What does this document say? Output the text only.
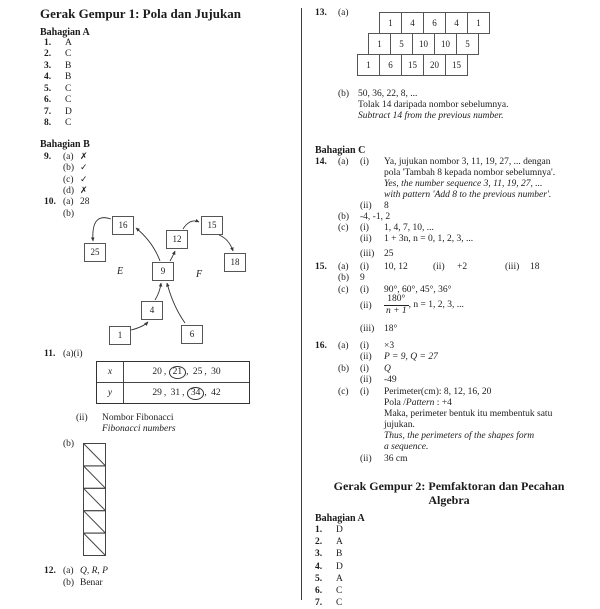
Gerak Gempur 1: Pola dan Jujukan
Bahagian A
1. A
2. C
3. B
4. B
5. C
6. C
7. D
8. C
Bahagian B
9. (a) ✗
(b) ✓
(c) ✓
(d) ✗
10. (a) 28
(b)
16
25
12
15
18
9
4
1	6
E	F
11. (a)(i)
x	20	, 21	, 25 , 30
y	29 , 31	, 34	, 42
(ii) Nombor Fibonacci
Fibonacci numbers
(b)
12. (a) Q, R, P
(b) Benar
13. (a)
1	4	6	4	1
1	5	10	10	5
1	6	15	20	15
(b) 50, 36, 22, 8, ...
Tolak 14 daripada nombor sebelumnya.
Subtract 14 from the previous number.
Bahagian C
14. (a) (i)	Ya, jujukan nombor 3, 11, 19, 27, ... dengan
pola 'Tambah 8 kepada nombor sebelumnya'.
Yes, the number sequence 3, 11, 19, 27, ...
with pattern 'Add 8 to the previous number'.
(ii) 8
(b) -4, -1, 2
(c) (i) 1, 4, 7, 10, ...
(ii) 1 + 3n, n = 0, 1, 2, 3, ...
(iii) 25
15. (a) (i) 10, 12	(ii) +2	(iii) 18
(b) 9
(c) (i) 90°, 60°, 45°, 36°
$(ii) \frac{180^\circ}{n + 1}$ , n = 1, 2, 3, ...
(iii) 18°
16. (a) (i) ×3
(ii) P = 9, Q = 27
(b) (i) Q
(ii) -49
(c) (i) Perimeter(cm): 8, 12, 16, 20
Pola /Pattern : +4
Maka, perimeter bentuk itu membentuk satu
jujukan.
Thus, the perimeters of the shapes form
a sequence.
(ii) 36 cm
Gerak Gempur 2: Pemfaktoran dan Pecahan
Algebra
Bahagian A
1. D
2. A
3. B
4. D
5. A
6. C
7. C
